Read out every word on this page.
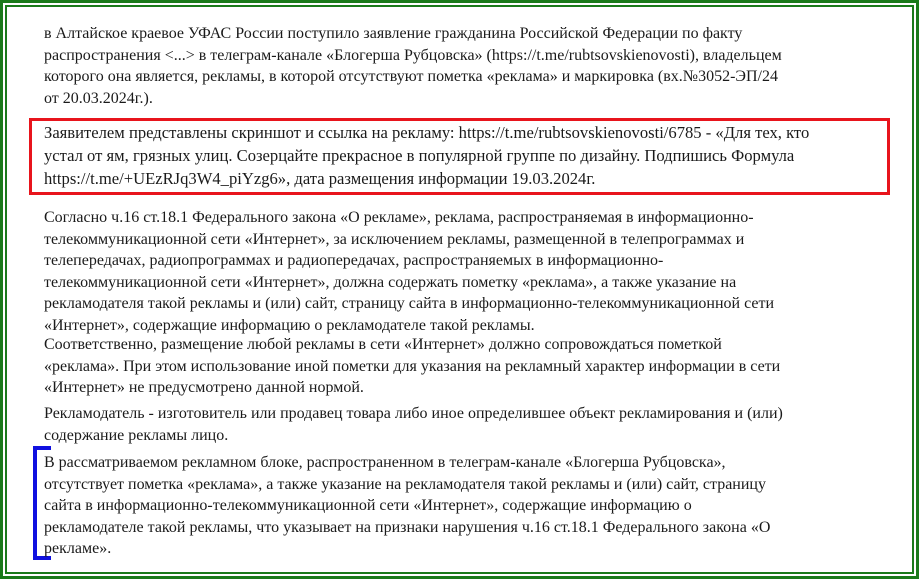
в Алтайское краевое УФАС России поступило заявление гражданина Российской Федерации по факту
распространения <...> в телеграм-канале «Блогерша Рубцовска» (https://t.me/rubtsovskienovosti), владельцем
которого она является, рекламы, в которой отсутствуют пометка «реклама» и маркировка (вх.№3052-ЭП/24
от 20.03.2024г.).
Заявителем представлены скриншот и ссылка на рекламу: https://t.me/rubtsovskienovosti/6785 - «Для тех, кто
устал от ям, грязных улиц. Созерцайте прекрасное в популярной группе по дизайну. Подпишись Формула
https://t.me/+UEzRJq3W4_piYzg6», дата размещения информации 19.03.2024г.
Согласно ч.16 ст.18.1 Федерального закона «О рекламе», реклама, распространяемая в информационно-
телекоммуникационной сети «Интернет», за исключением рекламы, размещенной в телепрограммах и
телепередачах, радиопрограммах и радиопередачах, распространяемых в информационно-
телекоммуникационной сети «Интернет», должна содержать пометку «реклама», а также указание на
рекламодателя такой рекламы и (или) сайт, страницу сайта в информационно-телекоммуникационной сети
«Интернет», содержащие информацию о рекламодателе такой рекламы.
Соответственно, размещение любой рекламы в сети «Интернет» должно сопровождаться пометкой
«реклама». При этом использование иной пометки для указания на рекламный характер информации в сети
«Интернет» не предусмотрено данной нормой.
Рекламодатель - изготовитель или продавец товара либо иное определившее объект рекламирования и (или)
содержание рекламы лицо.
В рассматриваемом рекламном блоке, распространенном в телеграм-канале «Блогерша Рубцовска»,
отсутствует пометка «реклама», а также указание на рекламодателя такой рекламы и (или) сайт, страницу
сайта в информационно-телекоммуникационной сети «Интернет», содержащие информацию о
рекламодателе такой рекламы, что указывает на признаки нарушения ч.16 ст.18.1 Федерального закона «О
рекламе».
